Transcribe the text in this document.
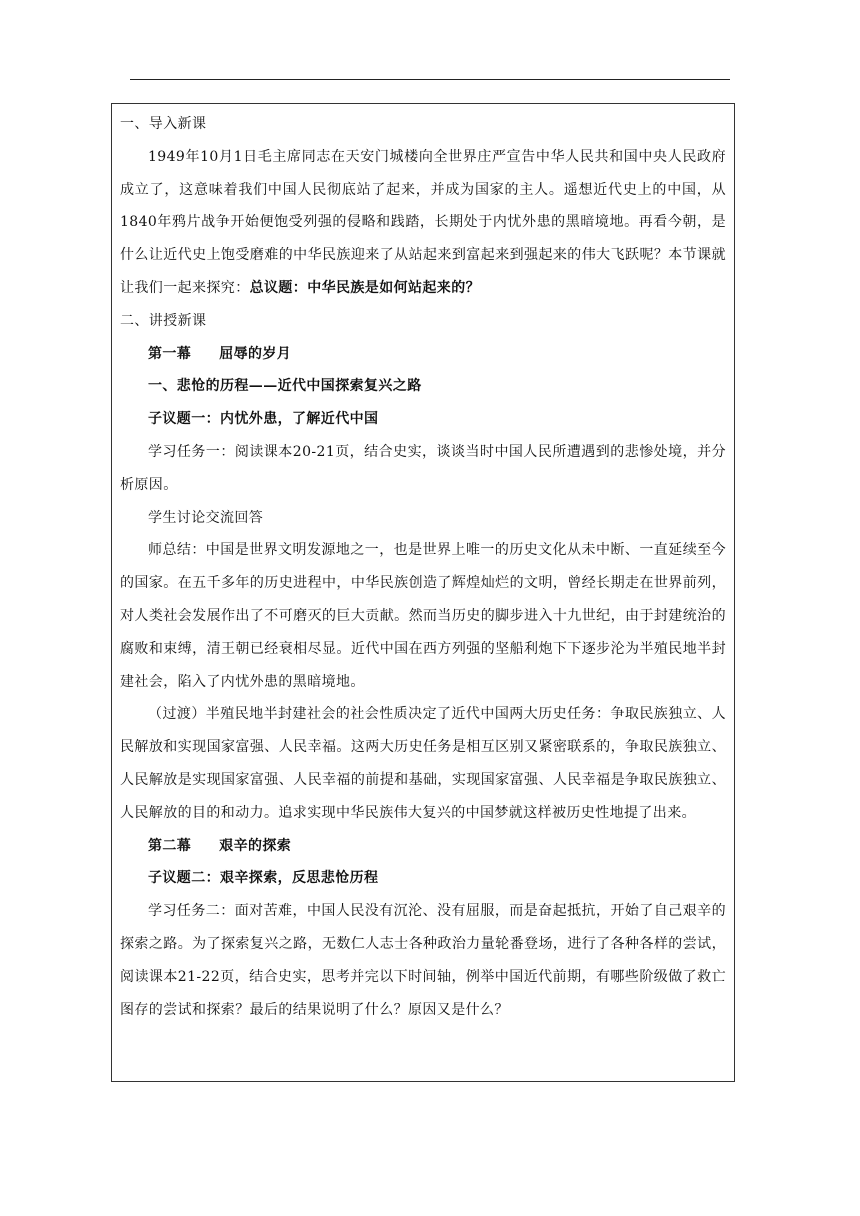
一、导入新课

1949年10月1日毛主席同志在天安门城楼向全世界庄严宣告中华人民共和国中央人民政府成立了，这意味着我们中国人民彻底站了起来，并成为国家的主人。遥想近代史上的中国，从1840年鸦片战争开始便饱受列强的侵略和践踏，长期处于内忧外患的黑暗境地。再看今朝，是什么让近代史上饱受磨难的中华民族迎来了从站起来到富起来到强起来的伟大飞跃呢？本节课就让我们一起来探究：总议题：中华民族是如何站起来的？

二、讲授新课

第一幕 屈辱的岁月

一、悲怆的历程——近代中国探索复兴之路

子议题一：内忧外患，了解近代中国

学习任务一：阅读课本20-21页，结合史实，谈谈当时中国人民所遭遇到的悲惨处境，并分析原因。

学生讨论交流回答

师总结：中国是世界文明发源地之一，也是世界上唯一的历史文化从未中断、一直延续至今的国家。在五千多年的历史进程中，中华民族创造了辉煌灿烂的文明，曾经长期走在世界前列，对人类社会发展作出了不可磨灭的巨大贡献。然而当历史的脚步进入十九世纪，由于封建统治的腐败和束缚，清王朝已经衰相尽显。近代中国在西方列强的坚船利炮下下逐步沦为半殖民地半封建社会，陷入了内忧外患的黑暗境地。

（过渡）半殖民地半封建社会的社会性质决定了近代中国两大历史任务：争取民族独立、人民解放和实现国家富强、人民幸福。这两大历史任务是相互区别又紧密联系的，争取民族独立、人民解放是实现国家富强、人民幸福的前提和基础，实现国家富强、人民幸福是争取民族独立、人民解放的目的和动力。追求实现中华民族伟大复兴的中国梦就这样被历史性地提了出来。

第二幕 艰辛的探索

子议题二：艰辛探索，反思悲怆历程

学习任务二：面对苦难，中国人民没有沉沦、没有屈服，而是奋起抵抗，开始了自己艰辛的探索之路。为了探索复兴之路，无数仁人志士各种政治力量轮番登场，进行了各种各样的尝试，阅读课本21-22页，结合史实，思考并完以下时间轴，例举中国近代前期，有哪些阶级做了救亡图存的尝试和探索？最后的结果说明了什么？原因又是什么？
